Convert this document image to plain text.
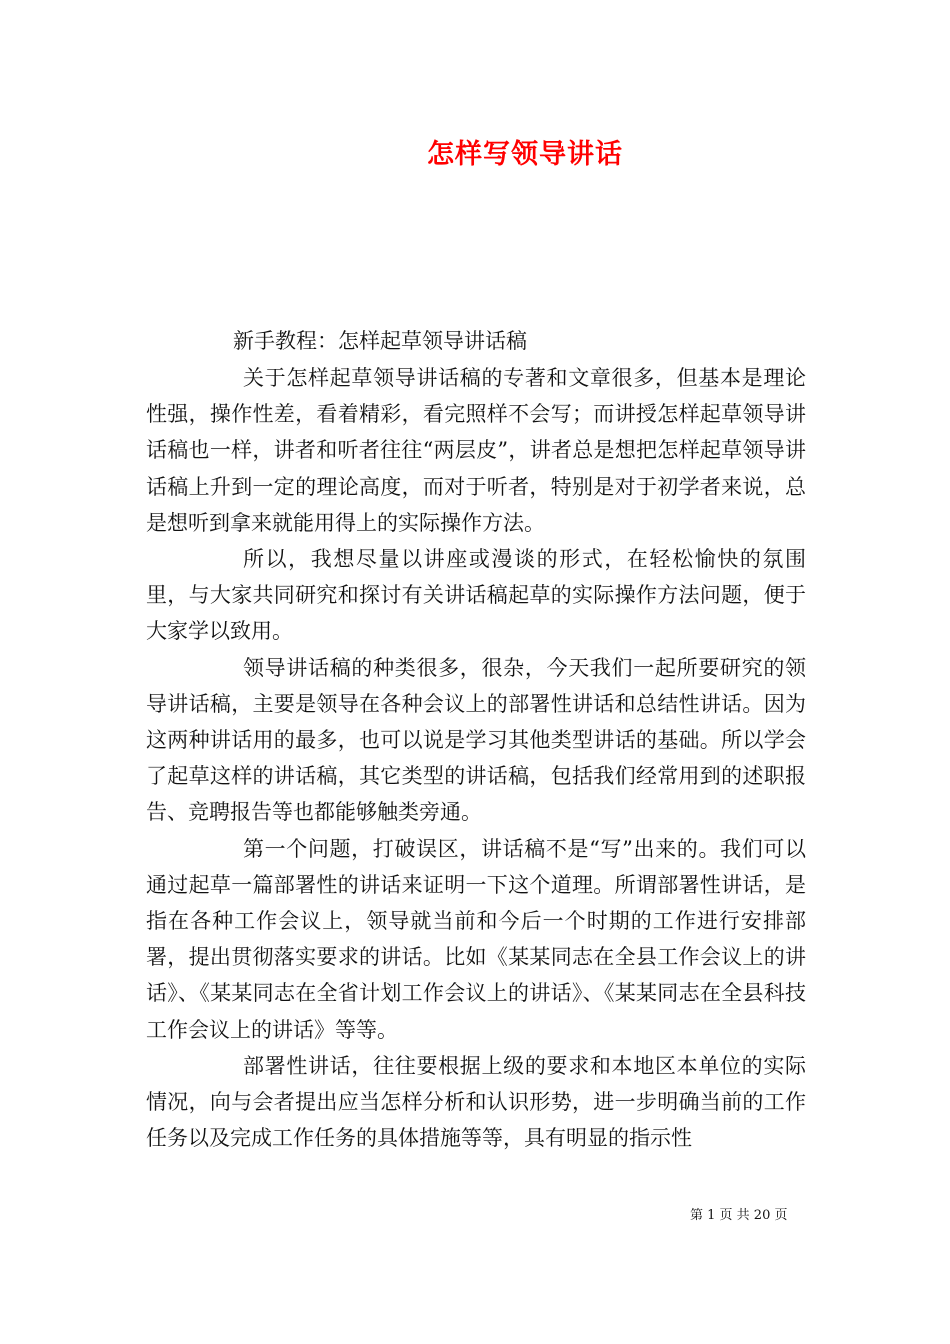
怎样写领导讲话
新手教程：怎样起草领导讲话稿

关于怎样起草领导讲话稿的专著和文章很多，但基本是理论性强，操作性差，看着精彩，看完照样不会写；而讲授怎样起草领导讲话稿也一样，讲者和听者往往“两层皮”，讲者总是想把怎样起草领导讲话稿上升到一定的理论高度，而对于听者，特别是对于初学者来说，总是想听到拿来就能用得上的实际操作方法。

所以，我想尽量以讲座或漫谈的形式，在轻松愉快的氛围里，与大家共同研究和探讨有关讲话稿起草的实际操作方法问题，便于大家学以致用。

领导讲话稿的种类很多，很杂，今天我们一起所要研究的领导讲话稿，主要是领导在各种会议上的部署性讲话和总结性讲话。因为这两种讲话用的最多，也可以说是学习其他类型讲话的基础。所以学会了起草这样的讲话稿，其它类型的讲话稿，包括我们经常用到的述职报告、竞聘报告等也都能够触类旁通。

第一个问题，打破误区，讲话稿不是“写”出来的。我们可以通过起草一篇部署性的讲话来证明一下这个道理。所谓部署性讲话，是指在各种工作会议上，领导就当前和今后一个时期的工作进行安排部署，提出贯彻落实要求的讲话。比如《某某同志在全县工作会议上的讲话》、《某某同志在全省计划工作会议上的讲话》、《某某同志在全县科技工作会议上的讲话》等等。

部署性讲话，往往要根据上级的要求和本地区本单位的实际情况，向与会者提出应当怎样分析和认识形势，进一步明确当前的工作任务以及完成工作任务的具体措施等等，具有明显的指示性

第 1 页 共 20 页
